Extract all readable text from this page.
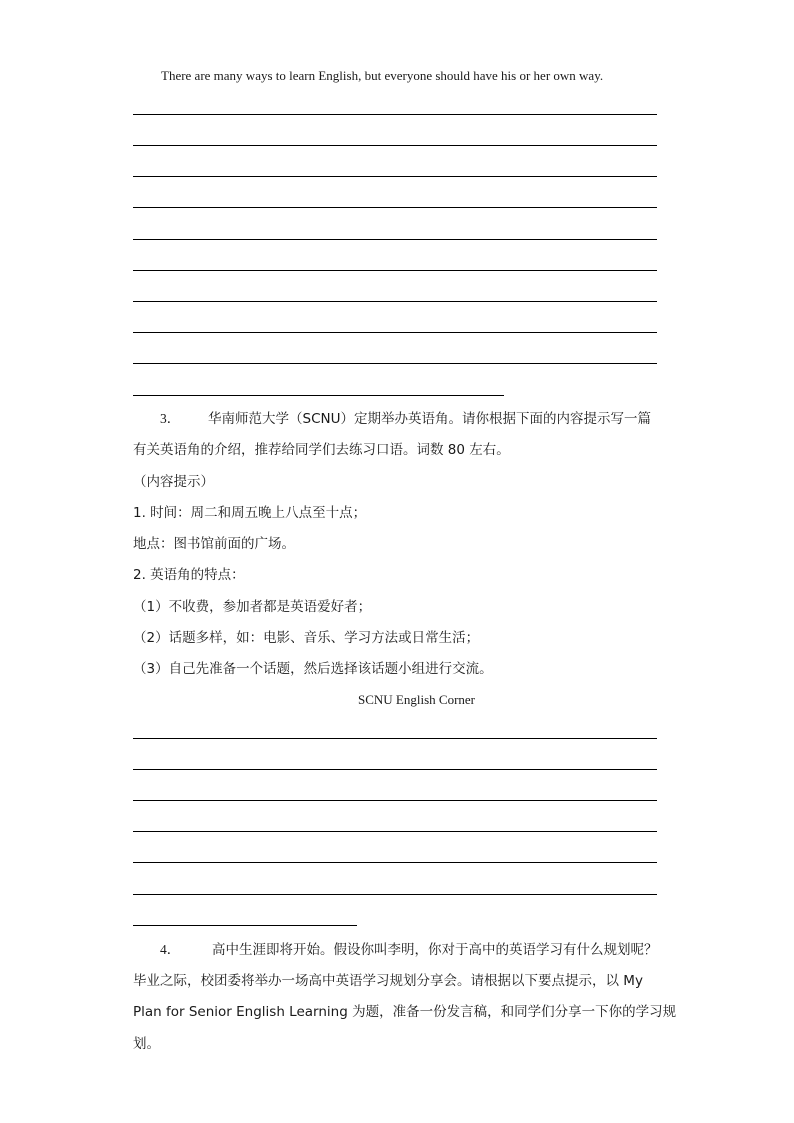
There are many ways to learn English, but everyone should have his or her own way.
3． 华南师范大学（SCNU）定期举办英语角。请你根据下面的内容提示写一篇
有关英语角的介绍，推荐给同学们去练习口语。词数 80 左右。
（内容提示）
1. 时间：周二和周五晚上八点至十点；
地点：图书馆前面的广场。
2. 英语角的特点：
（1）不收费，参加者都是英语爱好者；
（2）话题多样，如：电影、音乐、学习方法或日常生活；
（3）自己先准备一个话题，然后选择该话题小组进行交流。
SCNU English Corner
4． 高中生涯即将开始。假设你叫李明，你对于高中的英语学习有什么规划呢？
毕业之际，校团委将举办一场高中英语学习规划分享会。请根据以下要点提示，以 My
Plan for Senior English Learning 为题，准备一份发言稿，和同学们分享一下你的学习规
划。
